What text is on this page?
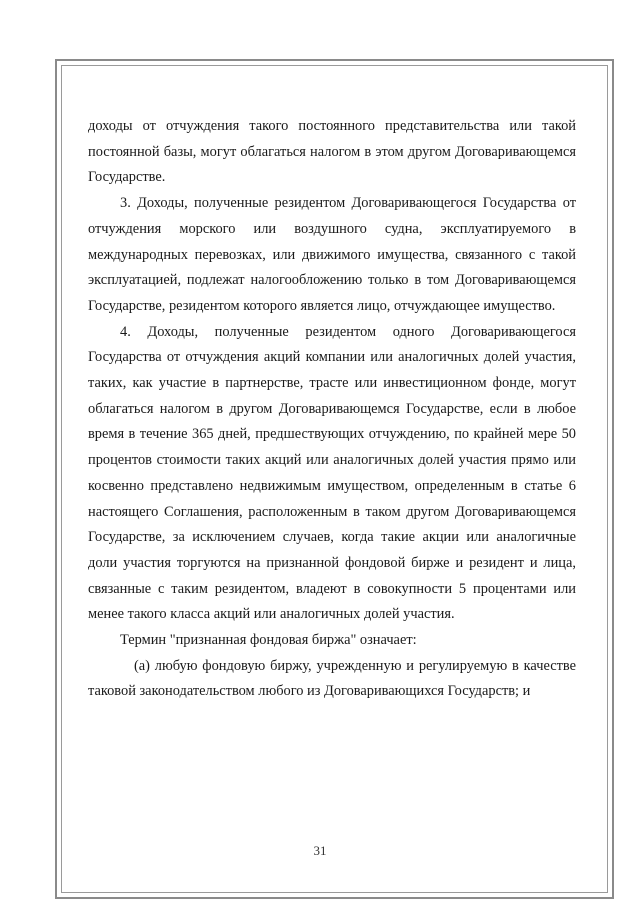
доходы от отчуждения такого постоянного представительства или такой постоянной базы, могут облагаться налогом в этом другом Договаривающемся Государстве.

3. Доходы, полученные резидентом Договаривающегося Государства от отчуждения морского или воздушного судна, эксплуатируемого в международных перевозках, или движимого имущества, связанного с такой эксплуатацией, подлежат налогообложению только в том Договаривающемся Государстве, резидентом которого является лицо, отчуждающее имущество.

4. Доходы, полученные резидентом одного Договаривающегося Государства от отчуждения акций компании или аналогичных долей участия, таких, как участие в партнерстве, трасте или инвестиционном фонде, могут облагаться налогом в другом Договаривающемся Государстве, если в любое время в течение 365 дней, предшествующих отчуждению, по крайней мере 50 процентов стоимости таких акций или аналогичных долей участия прямо или косвенно представлено недвижимым имуществом, определенным в статье 6 настоящего Соглашения, расположенным в таком другом Договаривающемся Государстве, за исключением случаев, когда такие акции или аналогичные доли участия торгуются на признанной фондовой бирже и резидент и лица, связанные с таким резидентом, владеют в совокупности 5 процентами или менее такого класса акций или аналогичных долей участия.

Термин "признанная фондовая биржа" означает:

(a) любую фондовую биржу, учрежденную и регулируемую в качестве таковой законодательством любого из Договаривающихся Государств; и

31
